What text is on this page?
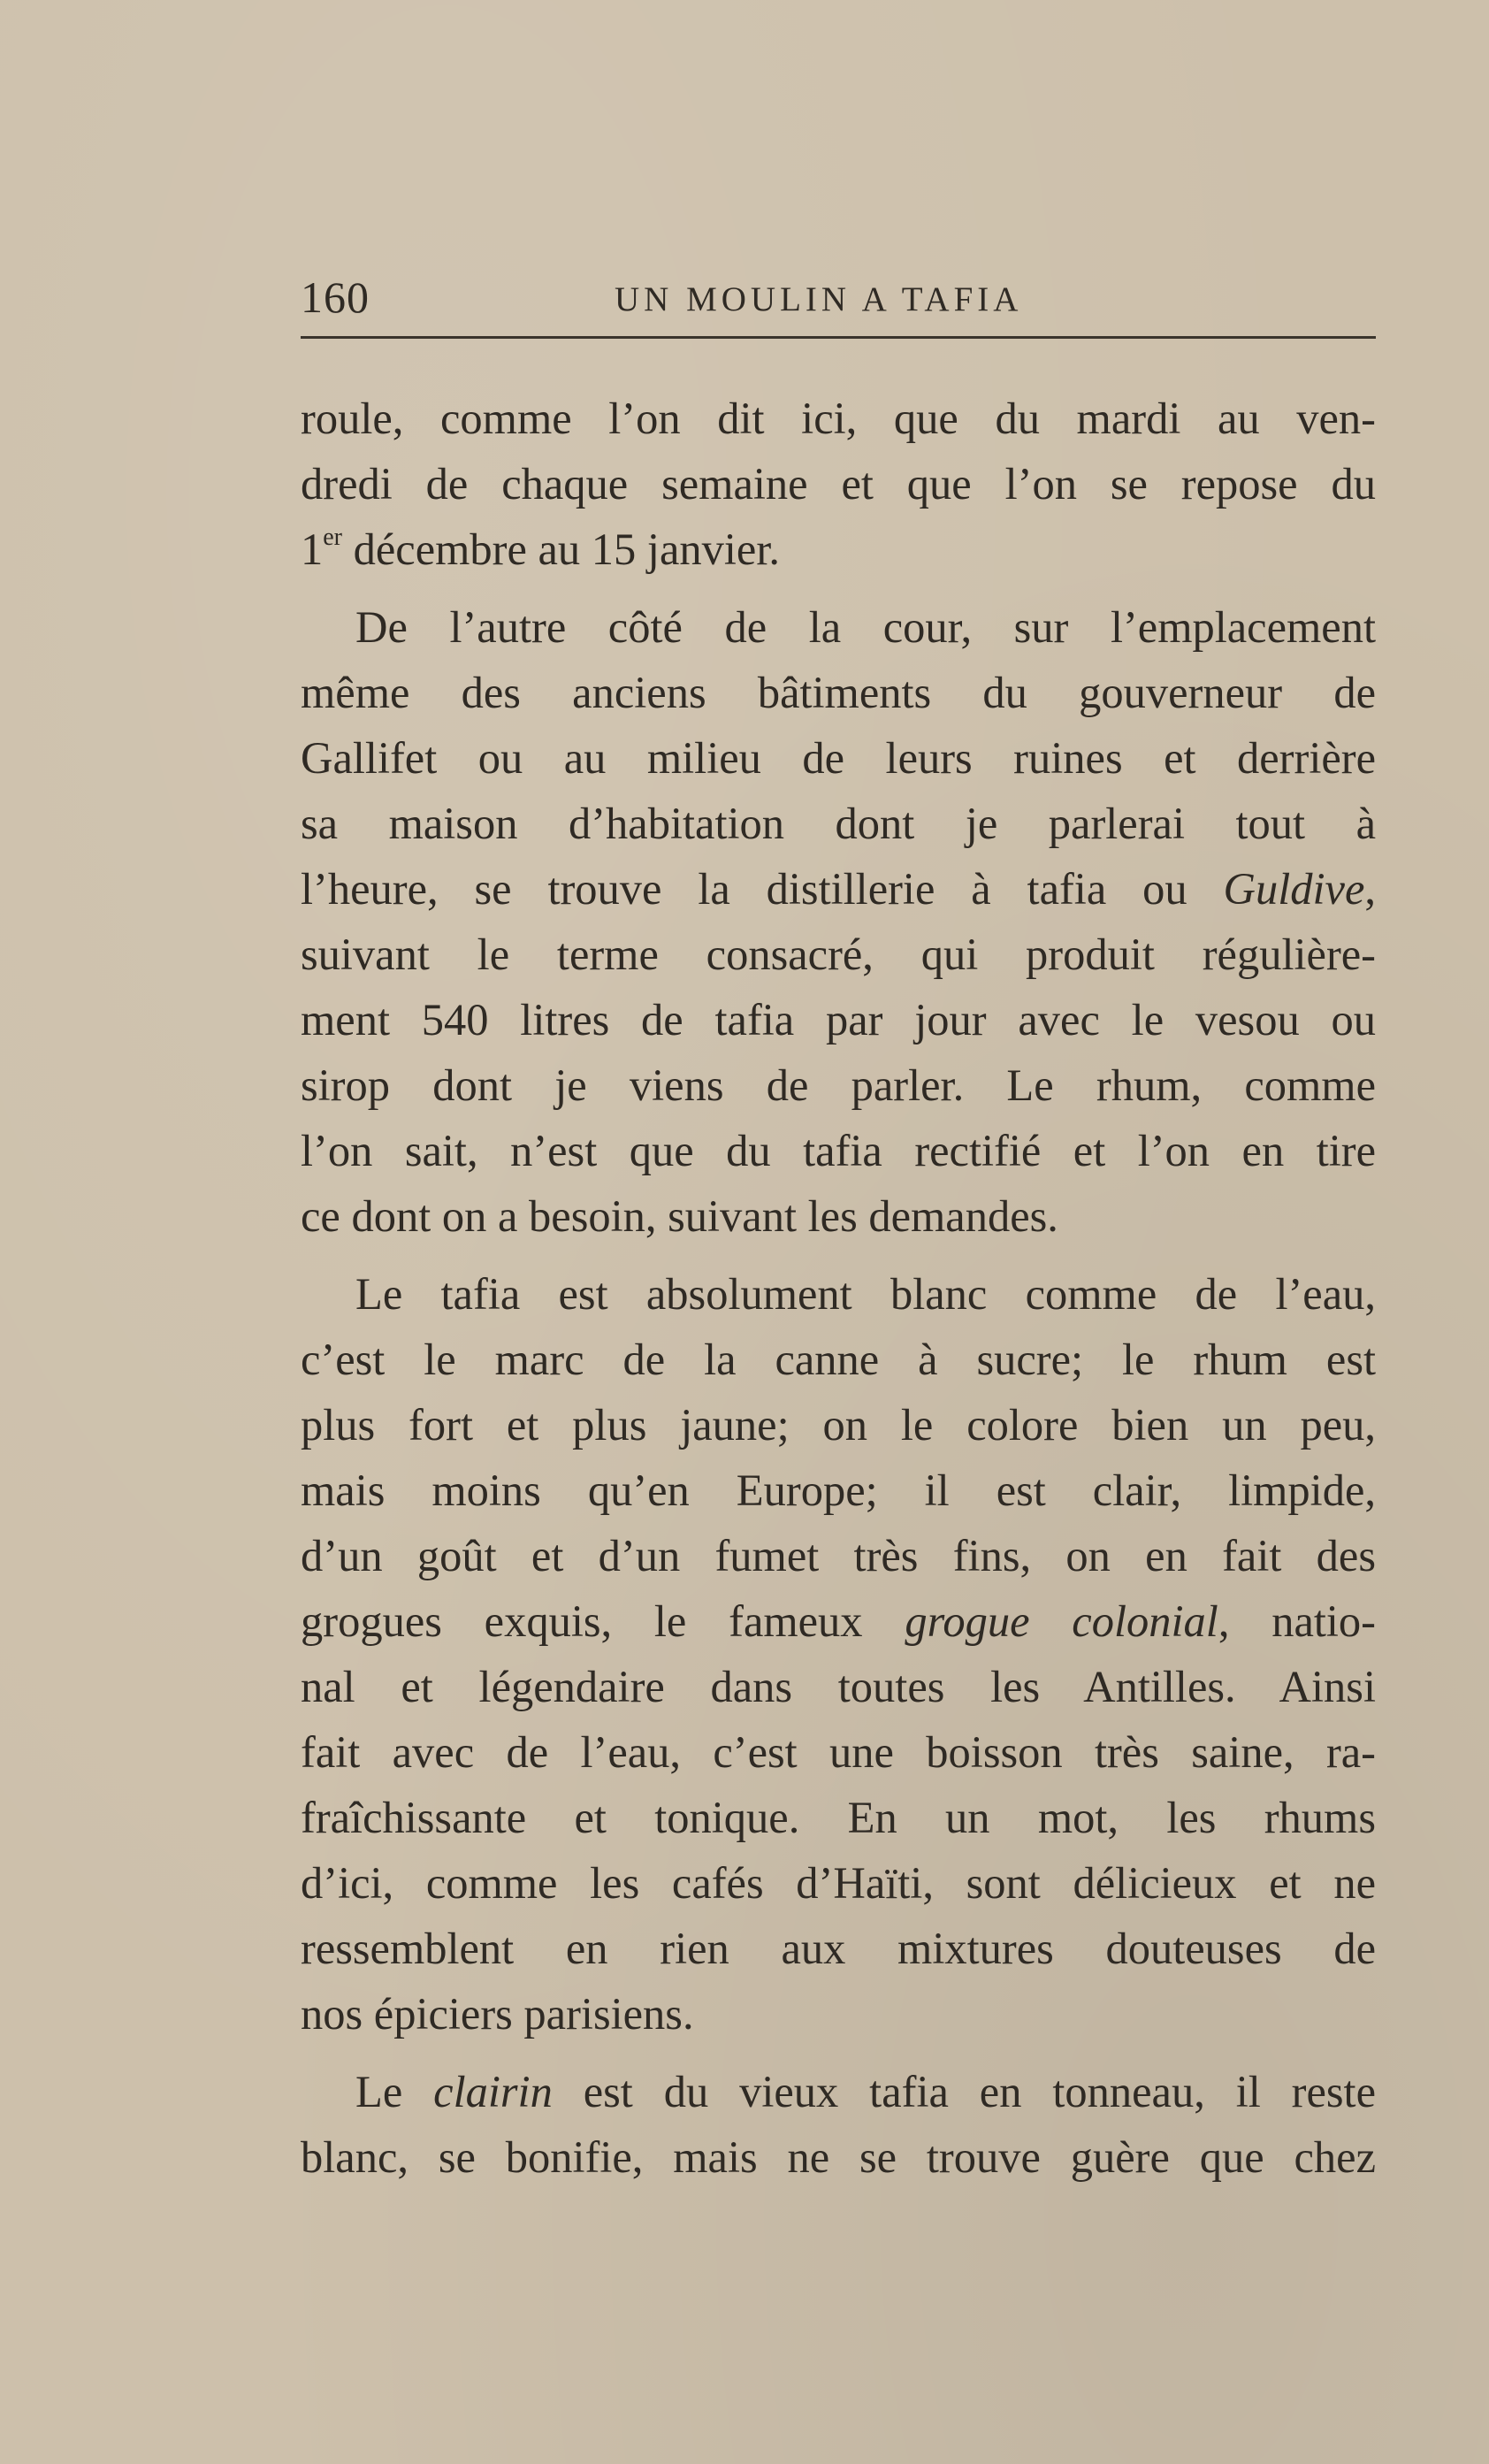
160	UN MOULIN A TAFIA
roule, comme l’on dit ici, que du mardi au ven-
dredi de chaque semaine et que l’on se repose du
1er décembre au 15 janvier.
De l’autre côté de la cour, sur l’emplacement
même des anciens bâtiments du gouverneur de
Gallifet ou au milieu de leurs ruines et derrière
sa maison d’habitation dont je parlerai tout à
l’heure, se trouve la distillerie à tafia ou Guldive,
suivant le terme consacré, qui produit régulière-
ment 540 litres de tafia par jour avec le vesou ou
sirop dont je viens de parler. Le rhum, comme
l’on sait, n’est que du tafia rectifié et l’on en tire
ce dont on a besoin, suivant les demandes.
Le tafia est absolument blanc comme de l’eau,
c’est le marc de la canne à sucre; le rhum est
plus fort et plus jaune; on le colore bien un peu,
mais moins qu’en Europe; il est clair, limpide,
d’un goût et d’un fumet très fins, on en fait des
grogues exquis, le fameux grogue colonial, natio-
nal et légendaire dans toutes les Antilles. Ainsi
fait avec de l’eau, c’est une boisson très saine, ra-
fraîchissante et tonique. En un mot, les rhums
d’ici, comme les cafés d’Haïti, sont délicieux et ne
ressemblent en rien aux mixtures douteuses de
nos épiciers parisiens.
Le clairin est du vieux tafia en tonneau, il reste
blanc, se bonifie, mais ne se trouve guère que chez
